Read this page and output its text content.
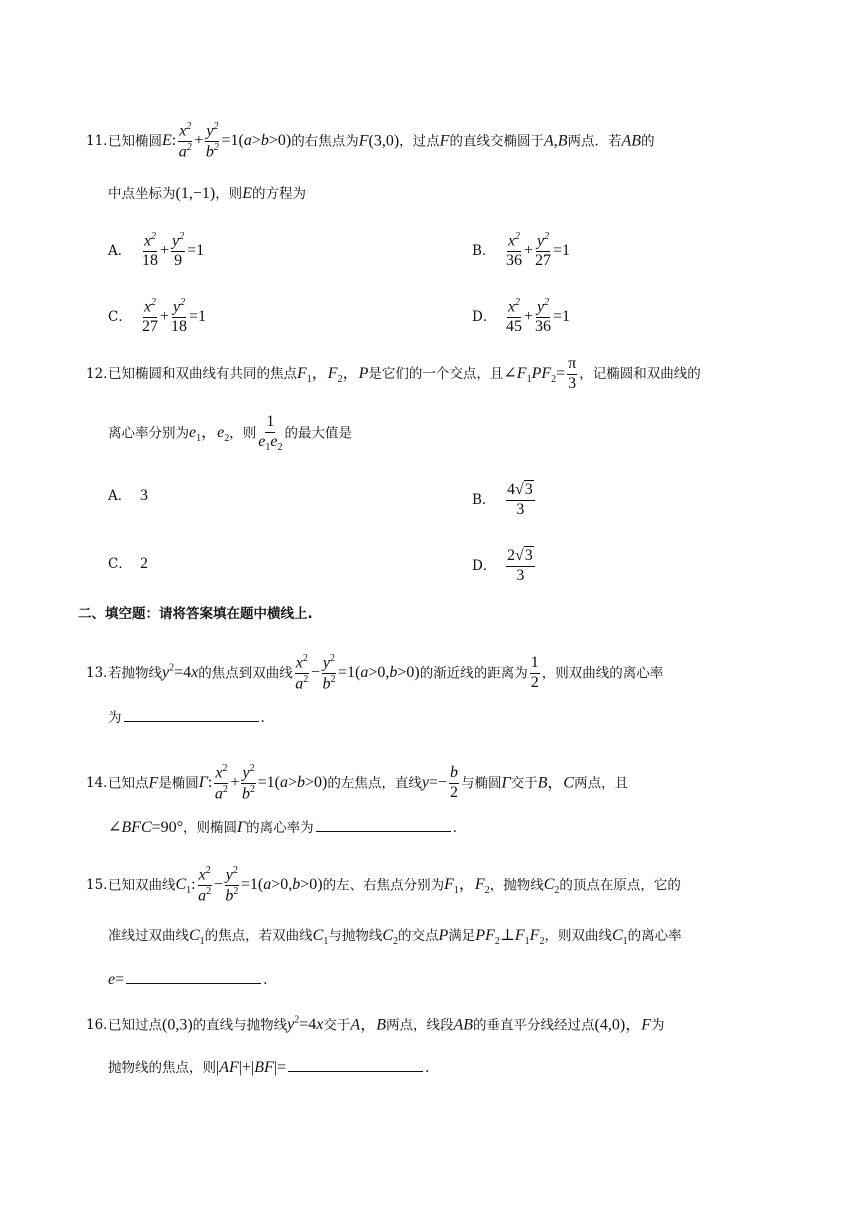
11．已知椭圆E: $\frac{x^2}{a^2} + \frac{y^2}{b^2} =1(a>b>0)$的右焦点为F(3,0)，过点F的直线交椭圆于A,B两点．若AB的
中点坐标为(1,−1)，则E的方程为
A． $\frac{x^2}{18} + \frac{y^2}{9} =1$	B． $\frac{x^2}{36} + \frac{y^2}{27} =1$
C． $\frac{x^2}{27} + \frac{y^2}{18} =1$	D． $\frac{x^2}{45} + \frac{y^2}{36} =1$
12．已知椭圆和双曲线有共同的焦点$F_1$，$F_2$，P是它们的一个交点，且$\angle F_1PF_2= \frac{\pi}{3}$ ，记椭圆和双曲线的
离心率分别为$e_1$，$e_2$，则 $\frac{1}{e_1e_2}$ 的最大值是
A． 3	B． $\frac{4√3}{3}$
C． 2	D． $\frac{2√3}{3}$
二、填空题：请将答案填在题中横线上.
13．若抛物线$y^2=4x$的焦点到双曲线 $\frac{x^2}{a^2} - \frac{y^2}{b^2} =1(a>0,b>0)$的渐近线的距离为 $\frac{1}{2}$ ，则双曲线的离心率
为	.
14．已知点F是椭圆Γ: $\frac{x^2}{a^2} + \frac{y^2}{b^2} =1(a>b>0)$的左焦点，直线$y=- \frac{b}{2}$ 与椭圆Γ交于B，C两点，且
∠BFC=90°，则椭圆Γ的离心率为	.
15．已知双曲线$C_1$: $\frac{x^2}{a^2} - \frac{y^2}{b^2} =1(a>0,b>0)$的左、右焦点分别为$F_1$，$F_2$，抛物线$C_2$的顶点在原点，它的
准线过双曲线$C_1$的焦点，若双曲线$C_1$与抛物线$C_2$的交点P满足$PF_2\perp F_1F_2$，则双曲线$C_1$的离心率
e=	.
16．已知过点(0,3)的直线与抛物线$y^2=4x$交于A，B两点，线段AB的垂直平分线经过点(4,0)，F为
抛物线的焦点，则|AF|+|BF|=	.
